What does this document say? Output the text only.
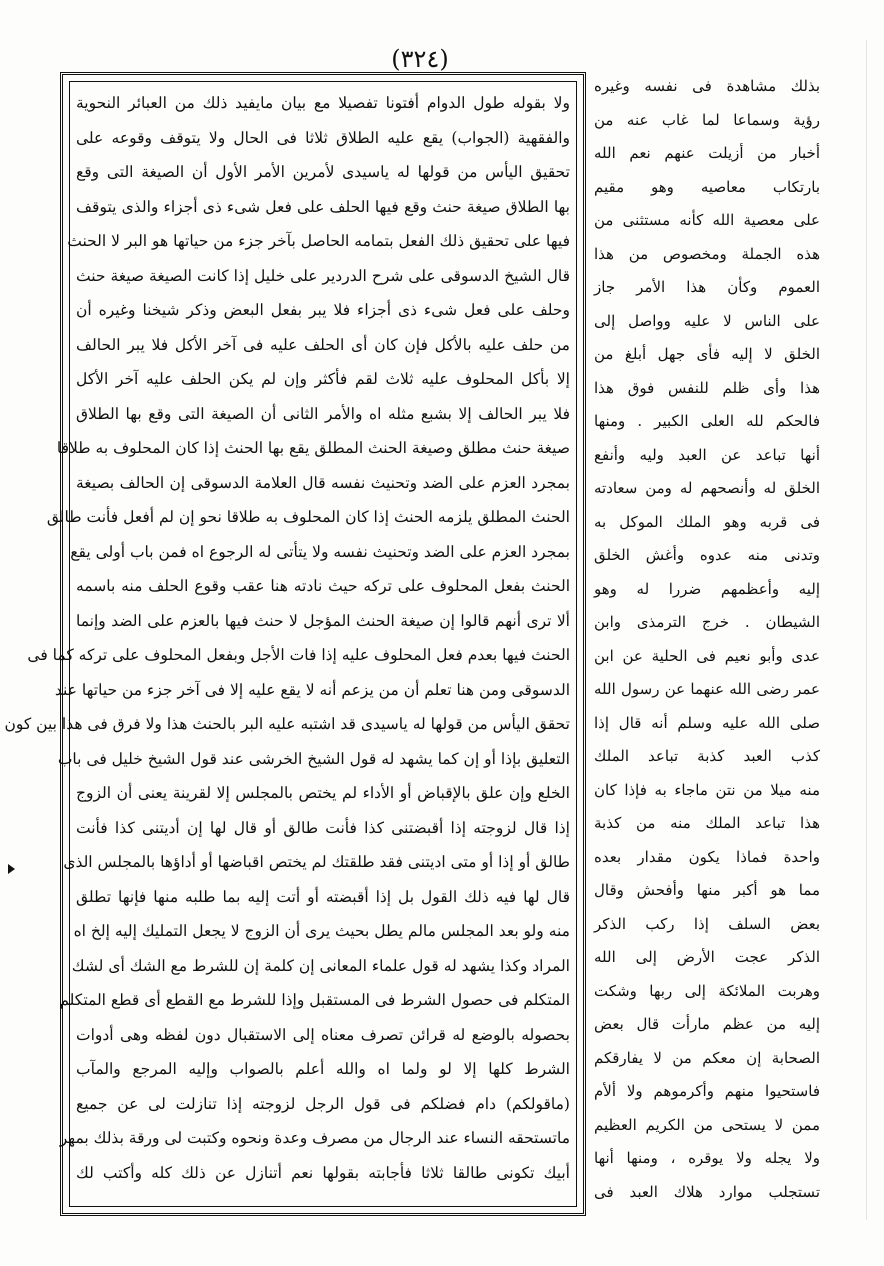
(٣٢٤)
ولا بقوله طول الدوام أفتونا تفصيلا مع بيان مايفيد ذلك من العبائر النحوية
والفقهية (الجواب) يقع عليه الطلاق ثلاثا فى الحال ولا يتوقف وقوعه على
تحقيق اليأس من قولها له ياسيدى لأمرين الأمر الأول أن الصيغة التى وقع
بها الطلاق صيغة حنث وقع فيها الحلف على فعل شىء ذى أجزاء والذى يتوقف
فيها على تحقيق ذلك الفعل بتمامه الحاصل بآخر جزء من حياتها هو البر لا الحنث
قال الشيخ الدسوقى على شرح الدردير على خليل إذا كانت الصيغة صيغة حنث
وحلف على فعل شىء ذى أجزاء فلا يبر بفعل البعض وذكر شيخنا وغيره أن
من حلف عليه بالأكل فإن كان أى الحلف عليه فى آخر الأكل فلا يبر الحالف
إلا بأكل المحلوف عليه ثلاث لقم فأكثر وإن لم يكن الحلف عليه آخر الأكل
فلا يبر الحالف إلا بشبع مثله اه والأمر الثانى أن الصيغة التى وقع بها الطلاق
صيغة حنث مطلق وصيغة الحنث المطلق يقع بها الحنث إذا كان المحلوف به طلاقا
بمجرد العزم على الضد وتحنيث نفسه قال العلامة الدسوقى إن الحالف بصيغة
الحنث المطلق يلزمه الحنث إذا كان المحلوف به طلاقا نحو إن لم أفعل فأنت طالق
بمجرد العزم على الضد وتحنيث نفسه ولا يتأتى له الرجوع اه فمن باب أولى يقع
الحنث بفعل المحلوف على تركه حيث نادته هنا عقب وقوع الحلف منه باسمه
ألا ترى أنهم قالوا إن صيغة الحنث المؤجل لا حنث فيها بالعزم على الضد وإنما
الحنث فيها بعدم فعل المحلوف عليه إذا فات الأجل وبفعل المحلوف على تركه كما فى
الدسوقى ومن هنا تعلم أن من يزعم أنه لا يقع عليه إلا فى آخر جزء من حياتها عند
تحقق اليأس من قولها له ياسيدى قد اشتبه عليه البر بالحنث هذا ولا فرق فى هذا بين كون
التعليق بإذا أو إن كما يشهد له قول الشيخ الخرشى عند قول الشيخ خليل فى باب
الخلع وإن علق بالإقباض أو الأداء لم يختص بالمجلس إلا لقرينة يعنى أن الزوج
إذا قال لزوجته إذا أقبضتنى كذا فأنت طالق أو قال لها إن أديتنى كذا فأنت
طالق أو إذا أو متى اديتنى فقد طلقتك لم يختص اقباضها أو أداؤها بالمجلس الذى
قال لها فيه ذلك القول بل إذا أقبضته أو أتت إليه بما طلبه منها فإنها تطلق
منه ولو بعد المجلس مالم يطل بحيث يرى أن الزوج لا يجعل التمليك إليه إلخ اه
المراد وكذا يشهد له قول علماء المعانى إن كلمة إن للشرط مع الشك أى لشك
المتكلم فى حصول الشرط فى المستقبل وإذا للشرط مع القطع أى قطع المتكلم
بحصوله بالوضع له قرائن تصرف معناه إلى الاستقبال دون لفظه وهى أدوات
الشرط كلها إلا لو ولما اه والله أعلم بالصواب وإليه المرجع والمآب
(ماقولكم) دام فضلكم فى قول الرجل لزوجته إذا تنازلت لى عن جميع
ماتستحقه النساء عند الرجال من مصرف وعدة ونحوه وكتبت لى ورقة بذلك بمهر
أبيك تكونى طالقا ثلاثا فأجابته بقولها نعم أتنازل عن ذلك كله وأكتب لك
بذلك مشاهدة فى نفسه وغيره
رؤية وسماعا لما غاب عنه من
أخبار من أزيلت عنهم نعم الله
بارتكاب معاصيه وهو مقيم
على معصية الله كأنه مستثنى من
هذه الجملة ومخصوص من هذا
العموم وكأن هذا الأمر جاز
على الناس لا عليه وواصل إلى
الخلق لا إليه فأى جهل أبلغ من
هذا وأى ظلم للنفس فوق هذا
فالحكم لله العلى الكبير . ومنها
أنها تباعد عن العبد وليه وأنفع
الخلق له وأنصحهم له ومن سعادته
فى قربه وهو الملك الموكل به
وتدنى منه عدوه وأغش الخلق
إليه وأعظمهم ضررا له وهو
الشيطان . خرج الترمذى وابن
عدى وأبو نعيم فى الحلية عن ابن
عمر رضى الله عنهما عن رسول الله
صلى الله عليه وسلم أنه قال إذا
كذب العبد كذبة تباعد الملك
منه ميلا من نتن ماجاء به فإذا كان
هذا تباعد الملك منه من كذبة
واحدة فماذا يكون مقدار بعده
مما هو أكبر منها وأفحش وقال
بعض السلف إذا ركب الذكر
الذكر عجت الأرض إلى الله
وهربت الملائكة إلى ربها وشكت
إليه من عظم مارأت قال بعض
الصحابة إن معكم من لا يفارقكم
فاستحيوا منهم وأكرموهم ولا ألأم
ممن لا يستحى من الكريم العظيم
ولا يجله ولا يوقره ، ومنها أنها
تستجلب موارد هلاك العبد فى
